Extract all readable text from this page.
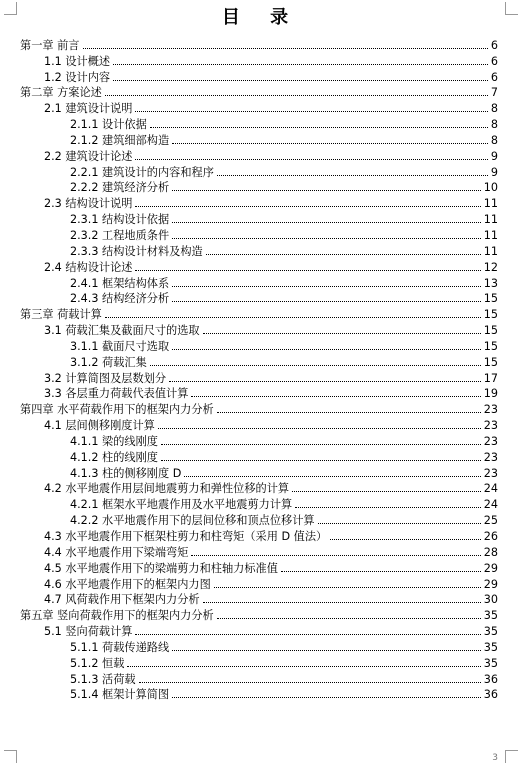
目 录
第一章 前言	6
1.1 设计概述	6
1.2 设计内容	6
第二章 方案论述	7
2.1 建筑设计说明	8
2.1.1 设计依据	8
2.1.2 建筑细部构造	8
2.2 建筑设计论述	9
2.2.1 建筑设计的内容和程序	9
2.2.2 建筑经济分析	10
2.3 结构设计说明	11
2.3.1 结构设计依据	11
2.3.2 工程地质条件	11
2.3.3 结构设计材料及构造	11
2.4 结构设计论述	12
2.4.1 框架结构体系	13
2.4.3 结构经济分析	15
第三章 荷载计算	15
3.1 荷载汇集及截面尺寸的选取	15
3.1.1 截面尺寸选取	15
3.1.2 荷载汇集	15
3.2 计算简图及层数划分	17
3.3 各层重力荷载代表值计算	19
第四章 水平荷载作用下的框架内力分析	23
4.1 层间侧移刚度计算	23
4.1.1 梁的线刚度	23
4.1.2 柱的线刚度	23
4.1.3 柱的侧移刚度 D	23
4.2 水平地震作用层间地震剪力和弹性位移的计算	24
4.2.1 框架水平地震作用及水平地震剪力计算	24
4.2.2 水平地震作用下的层间位移和顶点位移计算	25
4.3 水平地震作用下框架柱剪力和柱弯矩（采用 D 值法）	26
4.4 水平地震作用下梁端弯矩	28
4.5 水平地震作用下的梁端剪力和柱轴力标准值	29
4.6 水平地震作用下的框架内力图	29
4.7 风荷载作用下框架内力分析	30
第五章 竖向荷载作用下的框架内力分析	35
5.1 竖向荷载计算	35
5.1.1 荷载传递路线	35
5.1.2 恒载	35
5.1.3 活荷载	36
5.1.4 框架计算简图	36
3
